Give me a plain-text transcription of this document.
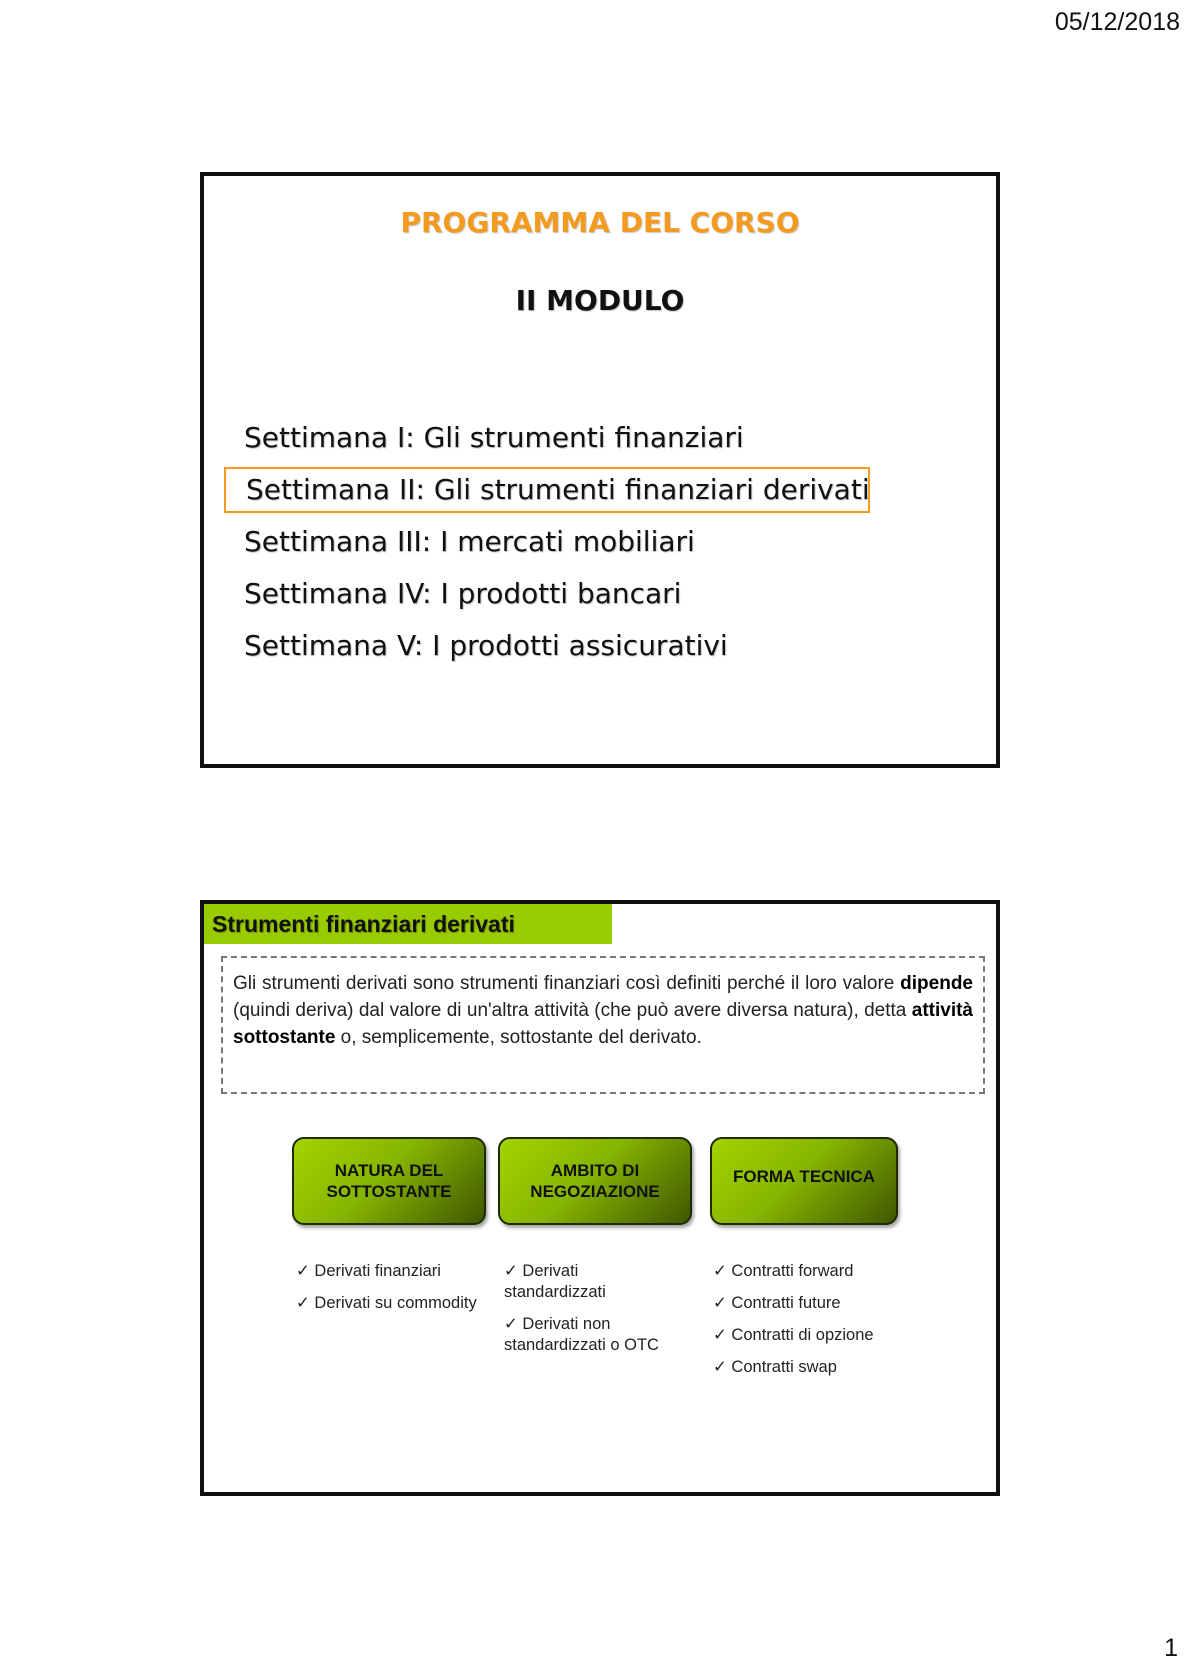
05/12/2018
PROGRAMMA DEL CORSO
II MODULO
Settimana I: Gli strumenti finanziari
Settimana II: Gli strumenti finanziari derivati
Settimana III: I mercati mobiliari
Settimana IV: I prodotti bancari
Settimana V: I prodotti assicurativi
Strumenti finanziari derivati
Gli strumenti derivati sono strumenti finanziari così definiti perché il loro valore dipende (quindi deriva) dal valore di un'altra attività (che può avere diversa natura), detta attività sottostante o, semplicemente, sottostante del derivato.
NATURA DEL SOTTOSTANTE
AMBITO DI NEGOZIAZIONE
FORMA TECNICA
✓ Derivati finanziari
✓ Derivati su commodity
✓ Derivati standardizzati
✓ Derivati non standardizzati o OTC
✓ Contratti forward
✓ Contratti future
✓ Contratti di opzione
✓ Contratti swap
1
